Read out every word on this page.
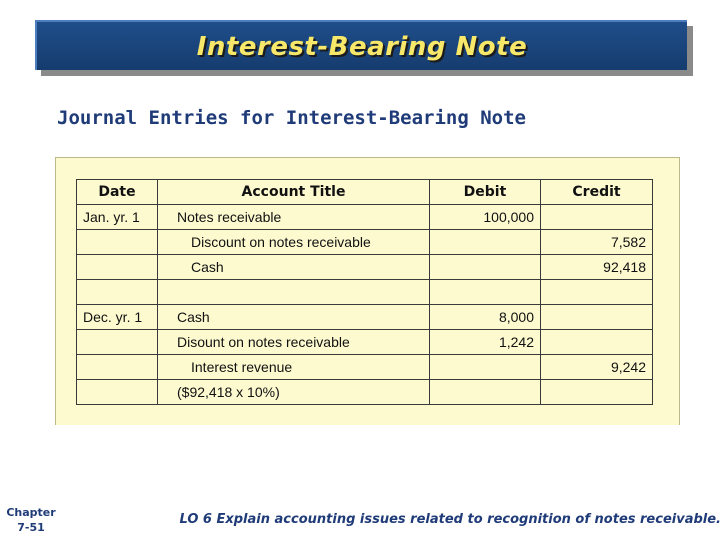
Interest-Bearing Note
Journal Entries for Interest-Bearing Note
Date	Account Title	Debit	Credit
Jan. yr. 1	Notes receivable	100,000	
	Discount on notes receivable		7,582
	Cash		92,418

Dec. yr. 1	Cash	8,000	
	Disount on notes receivable	1,242	
	Interest revenue		9,242
	($92,418 x 10%)		
Chapter
7-51
LO 6 Explain accounting issues related to recognition of notes receivable.
